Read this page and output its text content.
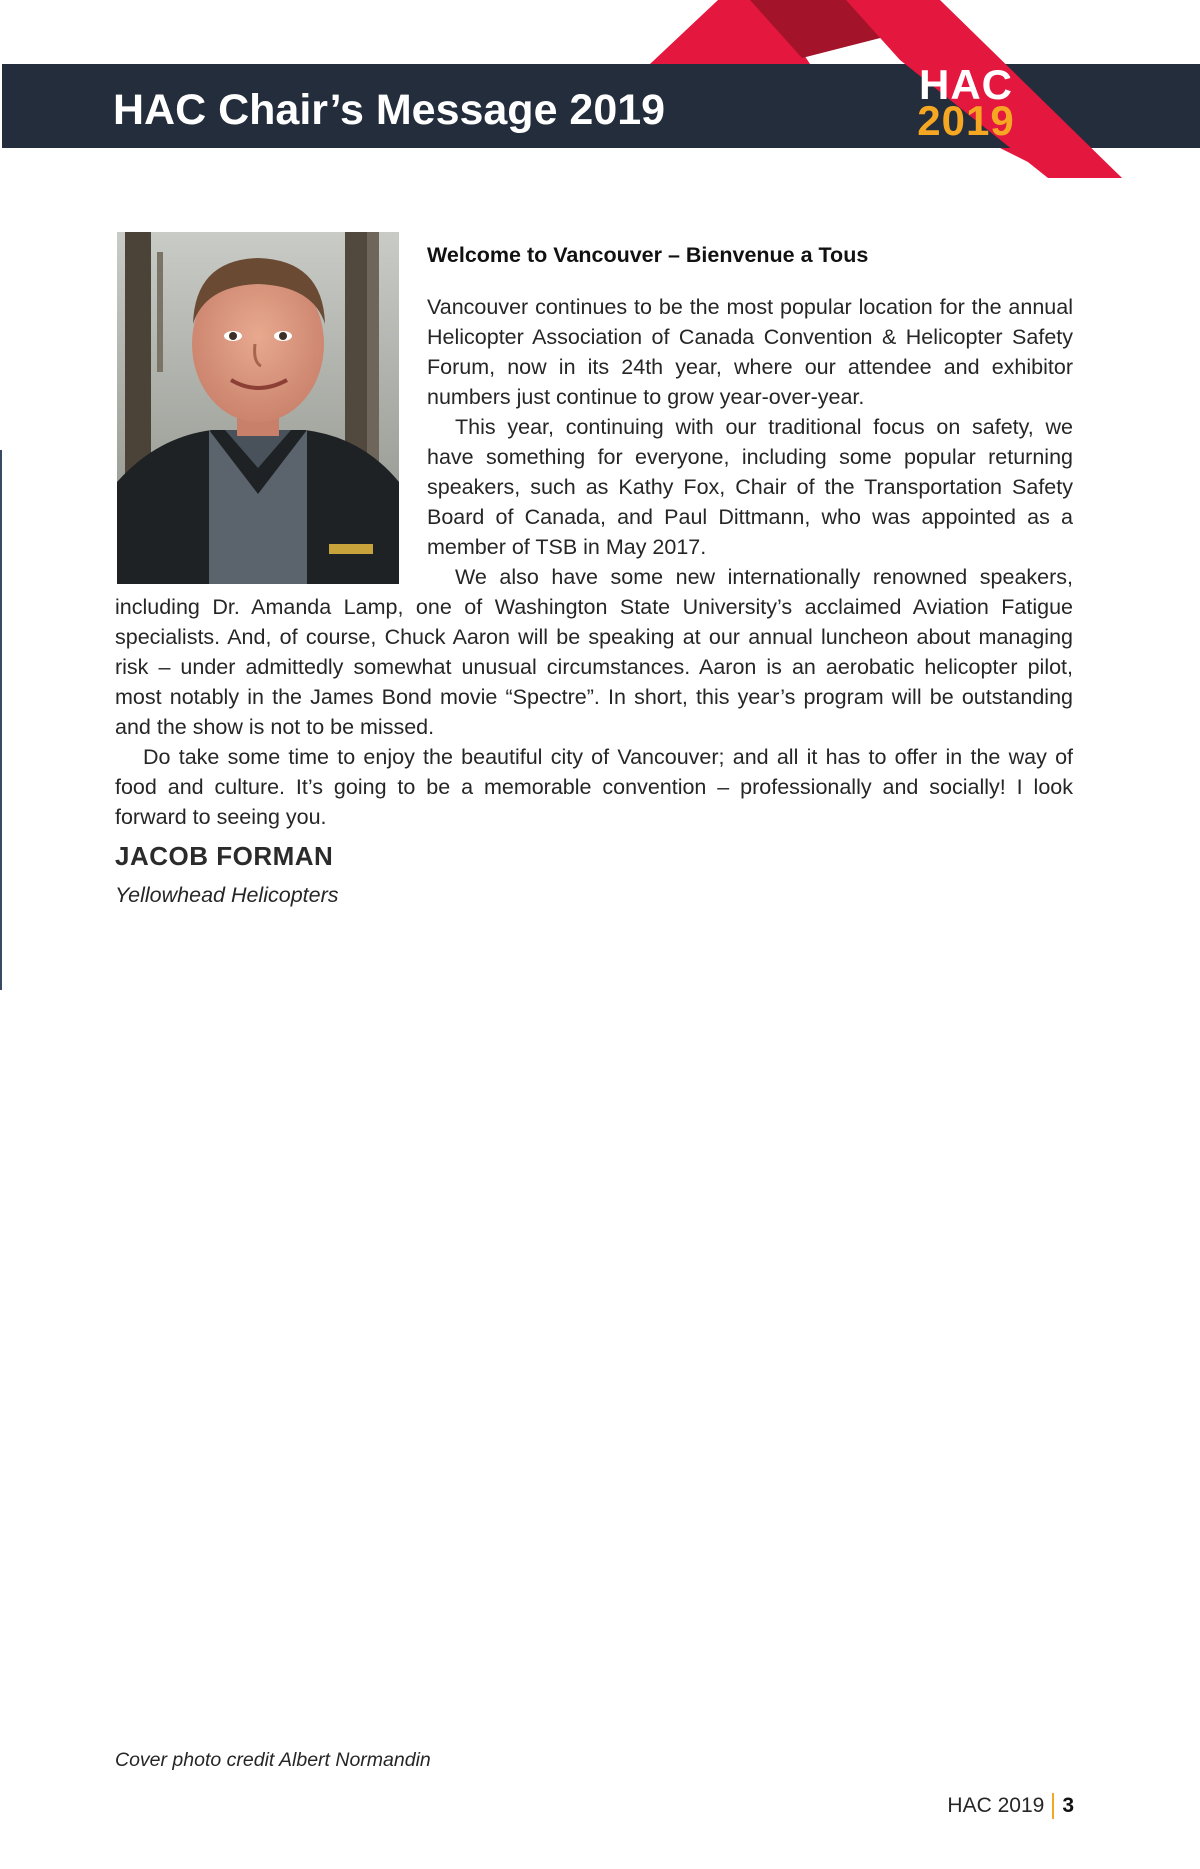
HAC Chair’s Message 2019
HAC
2019
Welcome to Vancouver – Bienvenue a Tous

Vancouver continues to be the most popular location for the annual Helicopter Association of Canada Convention & Helicopter Safety Forum, now in its 24th year, where our attendee and exhibitor numbers just continue to grow year-over-year.

This year, continuing with our traditional focus on safety, we have something for everyone, including some popular returning speakers, such as Kathy Fox, Chair of the Transportation Safety Board of Canada, and Paul Dittmann, who was appointed as a member of TSB in May 2017.

We also have some new internationally renowned speakers, including Dr. Amanda Lamp, one of Washington State University’s acclaimed Aviation Fatigue specialists. And, of course, Chuck Aaron will be speaking at our annual luncheon about managing risk – under admittedly somewhat unusual circumstances. Aaron is an aerobatic helicopter pilot, most notably in the James Bond movie “Spectre”. In short, this year’s program will be outstanding and the show is not to be missed.

Do take some time to enjoy the beautiful city of Vancouver; and all it has to offer in the way of food and culture. It’s going to be a memorable convention – professionally and socially! I look forward to seeing you.

JACOB FORMAN
Yellowhead Helicopters
Cover photo credit Albert Normandin
HAC 2019 3
